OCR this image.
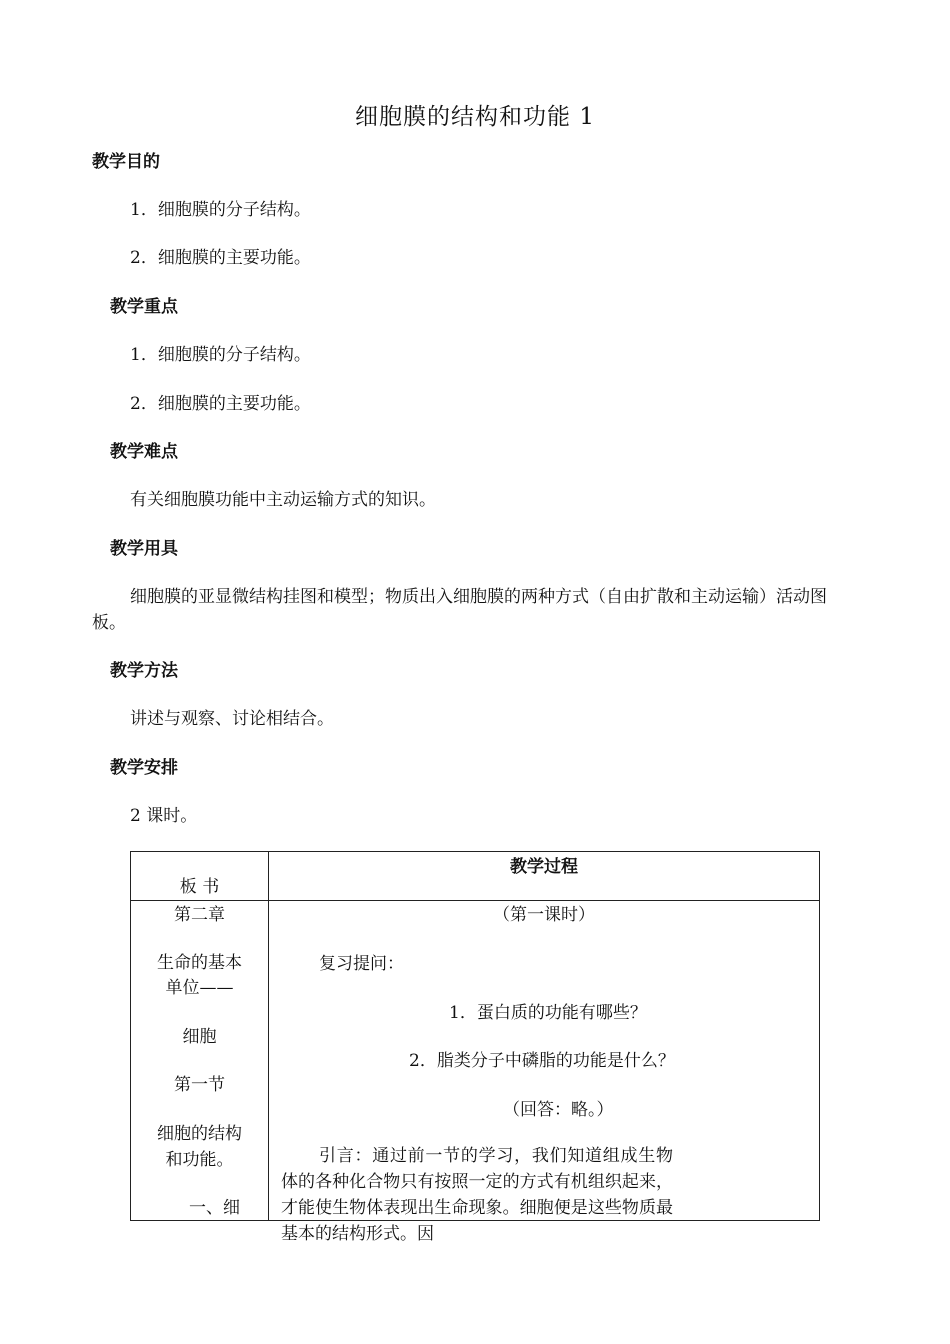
细胞膜的结构和功能 1
教学目的
1．细胞膜的分子结构。
2．细胞膜的主要功能。
教学重点
1．细胞膜的分子结构。
2．细胞膜的主要功能。
教学难点
有关细胞膜功能中主动运输方式的知识。
教学用具
细胞膜的亚显微结构挂图和模型；物质出入细胞膜的两种方式（自由扩散和主动运输）活动图板。
教学方法
讲述与观察、讨论相结合。
教学安排
2 课时。
板 书
教学过程
第二章
生命的基本
单位——
细胞
第一节
细胞的结构
和功能。
一、细
（第一课时）
复习提问：
1．蛋白质的功能有哪些？
2．脂类分子中磷脂的功能是什么？
（回答：略。）
引言：通过前一节的学习，我们知道组成生物体的各种化合物只有按照一定的方式有机组织起来，才能使生物体表现出生命现象。细胞便是这些物质最基本的结构形式。因
